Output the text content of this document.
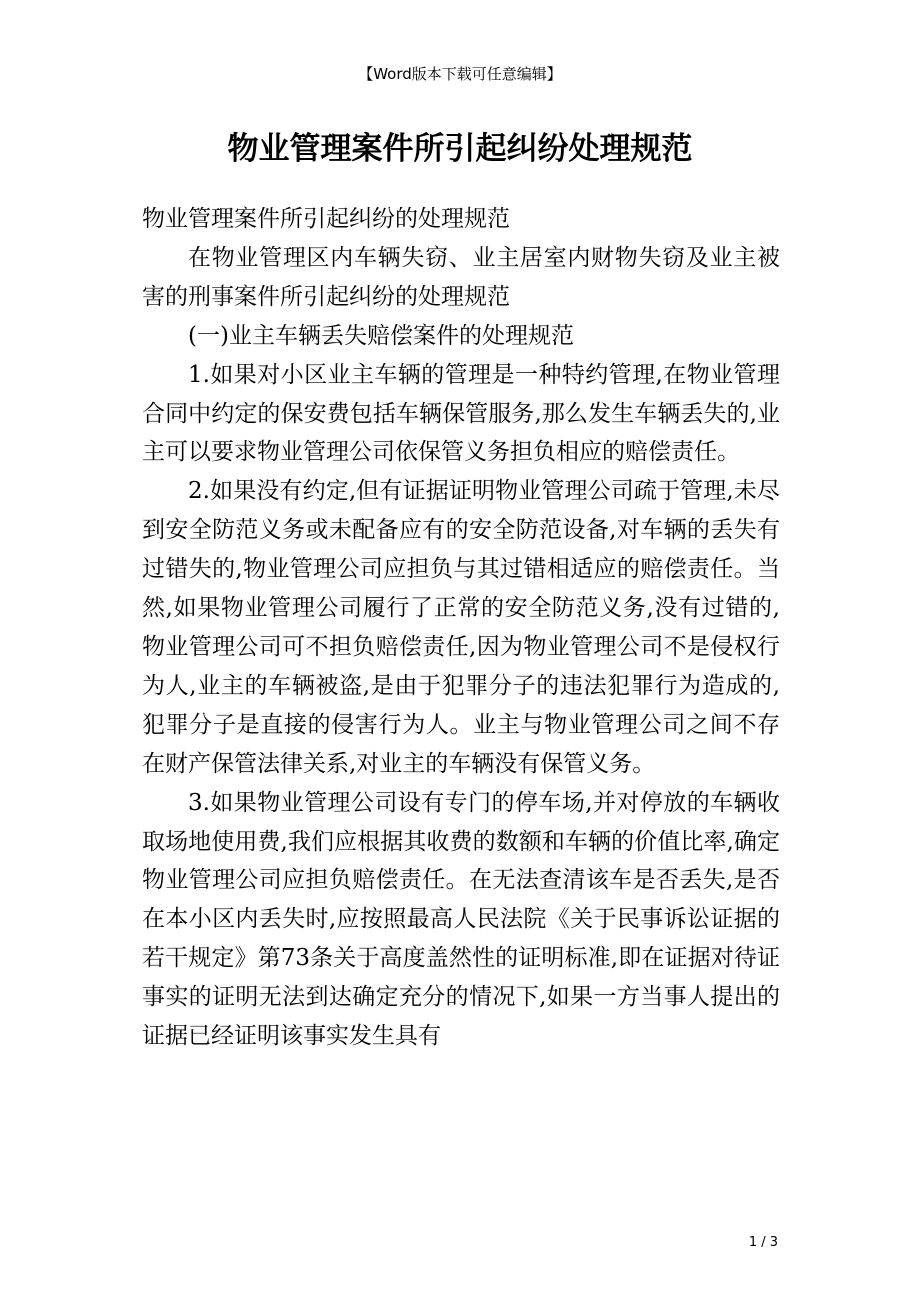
【Word版本下载可任意编辑】
物业管理案件所引起纠纷处理规范

物业管理案件所引起纠纷的处理规范

在物业管理区内车辆失窃、业主居室内财物失窃及业主被害的刑事案件所引起纠纷的处理规范

(一)业主车辆丢失赔偿案件的处理规范

1.如果对小区业主车辆的管理是一种特约管理,在物业管理合同中约定的保安费包括车辆保管服务,那么发生车辆丢失的,业主可以要求物业管理公司依保管义务担负相应的赔偿责任。

2.如果没有约定,但有证据证明物业管理公司疏于管理,未尽到安全防范义务或未配备应有的安全防范设备,对车辆的丢失有过错失的,物业管理公司应担负与其过错相适应的赔偿责任。当然,如果物业管理公司履行了正常的安全防范义务,没有过错的,物业管理公司可不担负赔偿责任,因为物业管理公司不是侵权行为人,业主的车辆被盗,是由于犯罪分子的违法犯罪行为造成的,犯罪分子是直接的侵害行为人。业主与物业管理公司之间不存在财产保管法律关系,对业主的车辆没有保管义务。

3.如果物业管理公司设有专门的停车场,并对停放的车辆收取场地使用费,我们应根据其收费的数额和车辆的价值比率,确定物业管理公司应担负赔偿责任。在无法查清该车是否丢失,是否在本小区内丢失时,应按照最高人民法院《关于民事诉讼证据的若干规定》第73条关于高度盖然性的证明标准,即在证据对待证事实的证明无法到达确定充分的情况下,如果一方当事人提出的证据已经证明该事实发生具有

1 / 3
